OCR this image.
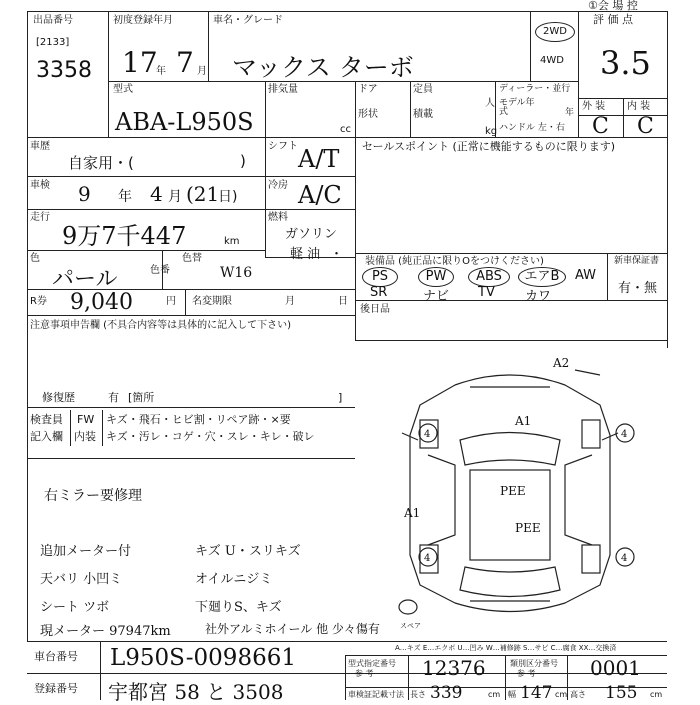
①会 場 控
出品番号
[2133]
3358
初度登録年月
17
年 7 月
車名・グレード
マックス ターボ
2WD
4WD
評 価 点
3.5
型式
ABA-L950S
排気量
cc
ドア	定員
人
形状	積載
kg
ディーラー・並行
モデル年式	年
ハンドル 左・右
外 装 内 装
C C
車歴
自家用・(	)
シフト A/T セールスポイント (正常に機能するものに限ります)
車検 9 年 4 月 (21
日)
冷房 A/C
走行
9万7千447	km
燃料
ガソリン
軽 油 ・
色
パール	色番
色替
W16
R券 9,040	円 名変期限	月	日
装備品 (純正品に限りOをつけください)	新車保証書
PS	PW	ABS	エアB	AW
SR	ナビ TV カワ
有・無
後日品
注意事項申告欄 (不具合内容等は具体的に記入して下さい)
修復歴	有 [箇所	]
検査員
記入欄
FW
内装
キズ・飛石・ヒビ割・リペア跡・×要
キズ・汚レ・コゲ・穴・スレ・キレ・破レ
右ミラー要修理
追加メーター付
天バリ 小凹ミ
シート ツボ
現メーター 97947km
キズ U・スリキズ
オイルニジミ
下廻りS、キズ
社外アルミホイール 他 少々傷有
A2
A1
PEE
A1
PEE
4	4
4	4
スペア
A…キズ E…エクボ U…凹み W…補修跡 S…サビ C…腐食 XX…交換済
車台番号 L950S-0098661
登録番号 宇都宮 58 と 3508
型式指定番号
参 考 12376	類別区分番号
参 考	0001
車検証記載寸法 長さ 339	cm 幅 147 cm 高さ 155 cm
